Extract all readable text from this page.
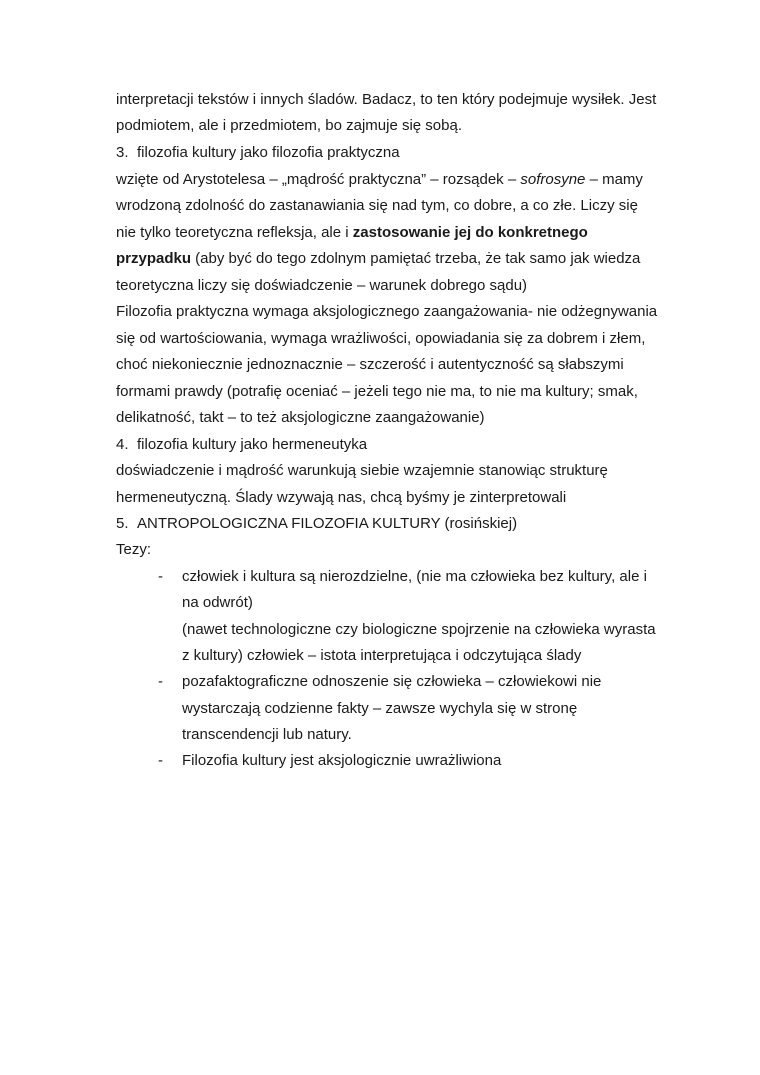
interpretacji tekstów i innych śladów. Badacz, to ten który podejmuje wysiłek. Jest
podmiotem, ale i przedmiotem, bo zajmuje się sobą.
3. filozofia kultury jako filozofia praktyczna
wzięte od Arystotelesa – „mądrość praktyczna” – rozsądek – sofrosyne – mamy
wrodzoną zdolność do zastanawiania się nad tym, co dobre, a co złe. Liczy się
nie tylko teoretyczna refleksja, ale i zastosowanie jej do konkretnego
przypadku (aby być do tego zdolnym pamiętać trzeba, że tak samo jak wiedza
teoretyczna liczy się doświadczenie – warunek dobrego sądu)
Filozofia praktyczna wymaga aksjologicznego zaangażowania- nie odżegnywania
się od wartościowania, wymaga wrażliwości, opowiadania się za dobrem i złem,
choć niekoniecznie jednoznacznie – szczerość i autentyczność są słabszymi
formami prawdy (potrafię oceniać – jeżeli tego nie ma, to nie ma kultury; smak,
delikatność, takt – to też aksjologiczne zaangażowanie)
4. filozofia kultury jako hermeneutyka
doświadczenie i mądrość warunkują siebie wzajemnie stanowiąc strukturę
hermeneutyczną. Ślady wzywają nas, chcą byśmy je zinterpretowali
5. ANTROPOLOGICZNA FILOZOFIA KULTURY (rosińskiej)
Tezy:
- człowiek i kultura są nierozdzielne, (nie ma człowieka bez kultury, ale i
na odwrót)
(nawet technologiczne czy biologiczne spojrzenie na człowieka wyrasta
z kultury) człowiek – istota interpretująca i odczytująca ślady
- pozafaktograficzne odnoszenie się człowieka – człowiekowi nie
wystarczają codzienne fakty – zawsze wychyla się w stronę
transcendencji lub natury.
- Filozofia kultury jest aksjologicznie uwrażliwiona
